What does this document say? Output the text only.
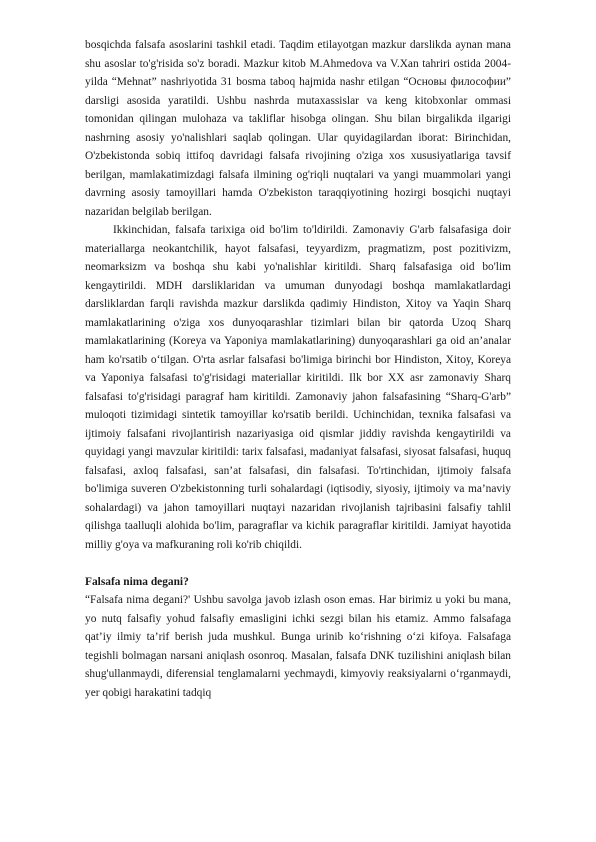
bosqichda falsafa asoslarini tashkil etadi. Taqdim etilayotgan mazkur darslikda aynan mana shu asoslar to'g'risida so'z boradi. Mazkur kitob M.Ahmedova va V.Xan tahriri ostida 2004-yilda “Mehnat” nashriyotida 31 bosma taboq hajmida nashr etilgan “Основы философии” darsligi asosida yaratildi. Ushbu nashrda mutaxassislar va keng kitobxonlar ommasi tomonidan qilingan mulohaza va takliflar hisobga olingan. Shu bilan birgalikda ilgarigi nashrning asosiy yo'nalishlari saqlab qolingan. Ular quyidagilardan iborat: Birinchidan, O'zbekistonda sobiq ittifoq davridagi falsafa rivojining o'ziga xos xususiyatlariga tavsif berilgan, mamlakatimizdagi falsafa ilmining og'riqli nuqtalari va yangi muammolari yangi davrning asosiy tamoyillari hamda O'zbekiston taraqqiyotining hozirgi bosqichi nuqtayi nazaridan belgilab berilgan.

Ikkinchidan, falsafa tarixiga oid bo'lim to'ldirildi. Zamonaviy G'arb falsafasiga doir materiallarga neokantchilik, hayot falsafasi, teyyardizm, pragmatizm, post pozitivizm, neomarksizm va boshqa shu kabi yo'nalishlar kiritildi. Sharq falsafasiga oid bo'lim kengaytirildi. MDH darsliklaridan va umuman dunyodagi boshqa mamlakatlardagi darsliklardan farqli ravishda mazkur darslikda qadimiy Hindiston, Xitoy va Yaqin Sharq mamlakatlarining o'ziga xos dunyoqarashlar tizimlari bilan bir qatorda Uzoq Sharq mamlakatlarining (Koreya va Yaponiya mamlakatlarining) dunyoqarashlari ga oid an’analar ham ko'rsatib o‘tilgan. O'rta asrlar falsafasi bo'limiga birinchi bor Hindiston, Xitoy, Koreya va Yaponiya falsafasi to'g'risidagi materiallar kiritildi. Ilk bor XX asr zamonaviy Sharq falsafasi to'g'risidagi paragraf ham kiritildi. Zamonaviy jahon falsafasining “Sharq-G'arb” muloqoti tizimidagi sintetik tamoyillar ko'rsatib berildi. Uchinchidan, texnika falsafasi va ijtimoiy falsafani rivojlantirish nazariyasiga oid qismlar jiddiy ravishda kengaytirildi va quyidagi yangi mavzular kiritildi: tarix falsafasi, madaniyat falsafasi, siyosat falsafasi, huquq falsafasi, axloq falsafasi, san’at falsafasi, din falsafasi. To'rtinchidan, ijtimoiy falsafa bo'limiga suveren O'zbekistonning turli sohalardagi (iqtisodiy, siyosiy, ijtimoiy va ma’naviy sohalardagi) va jahon tamoyillari nuqtayi nazaridan rivojlanish tajribasini falsafiy tahlil qilishga taalluqli alohida bo'lim, paragraflar va kichik paragraflar kiritildi. Jamiyat hayotida milliy g'oya va mafkuraning roli ko'rib chiqildi.

Falsafa nima degani?

“Falsafa nima degani?' Ushbu savolga javob izlash oson emas. Har birimiz u yoki bu mana, yo nutq falsafiy yohud falsafiy emasligini ichki sezgi bilan his etamiz. Ammo falsafaga qat’iy ilmiy ta’rif berish juda mushkul. Bunga urinib ko‘rishning o‘zi kifoya. Falsafaga tegishli bolmagan narsani aniqlash osonroq. Masalan, falsafa DNK tuzilishini aniqlash bilan shug'ullanmaydi, diferensial tenglamalarni yechmaydi, kimyoviy reaksiyalarni o‘rganmaydi, yer qobigi harakatini tadqiq
